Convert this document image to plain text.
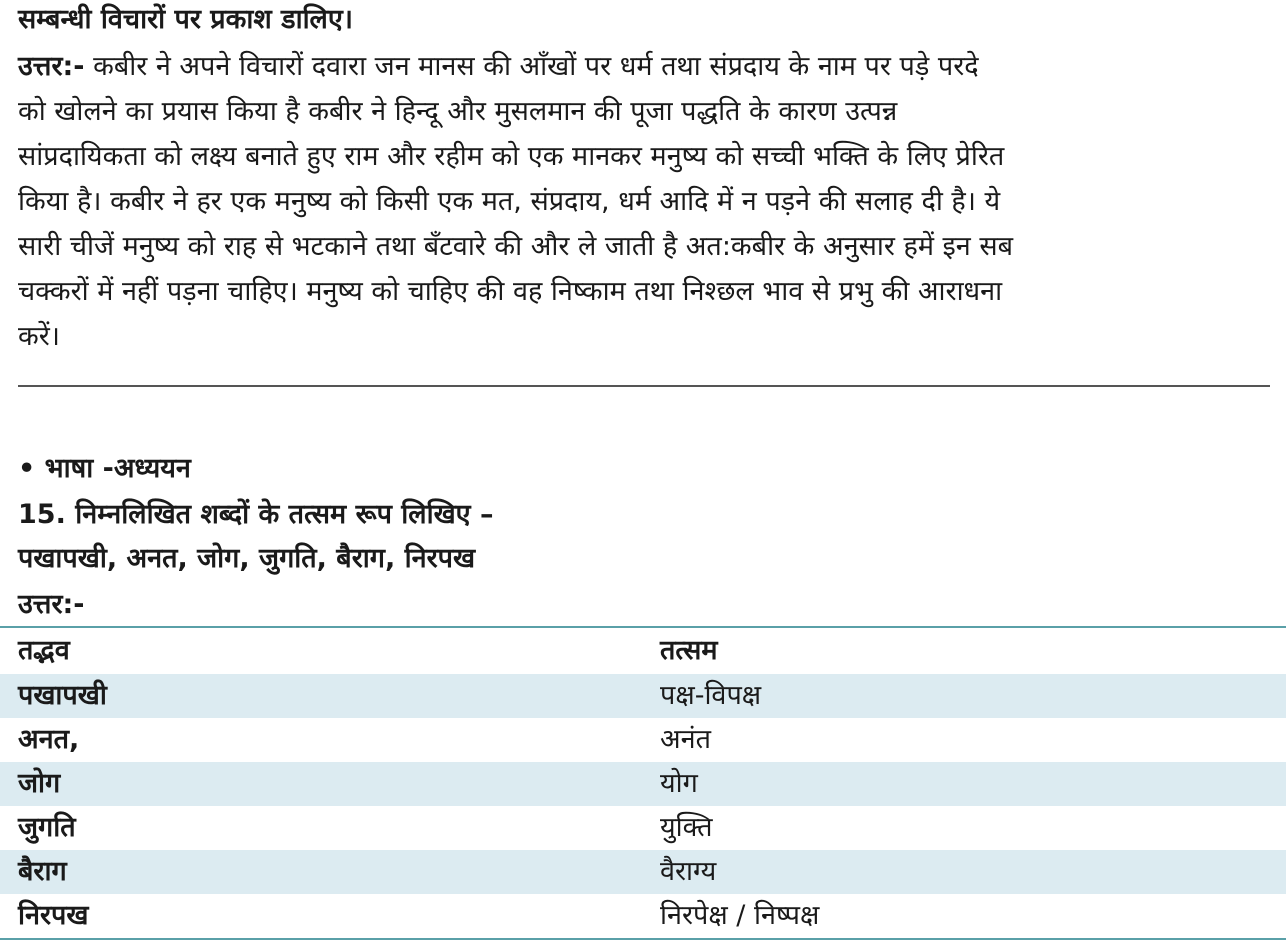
सम्बन्धी विचारों पर प्रकाश डालिए।
उत्तर:- कबीर ने अपने विचारों दवारा जन मानस की आँखों पर धर्म तथा संप्रदाय के नाम पर पड़े परदे
को खोलने का प्रयास किया है कबीर ने हिन्दू और मुसलमान की पूजा पद्धति के कारण उत्पन्न
सांप्रदायिकता को लक्ष्य बनाते हुए राम और रहीम को एक मानकर मनुष्य को सच्ची भक्ति के लिए प्रेरित
किया है। कबीर ने हर एक मनुष्य को किसी एक मत, संप्रदाय, धर्म आदि में न पड़ने की सलाह दी है। ये
सारी चीजें मनुष्य को राह से भटकाने तथा बँटवारे की और ले जाती है अत:कबीर के अनुसार हमें इन सब
चक्करों में नहीं पड़ना चाहिए। मनुष्य को चाहिए की वह निष्काम तथा निश्छल भाव से प्रभु की आराधना
करें।
• भाषा -अध्ययन
15. निम्नलिखित शब्दों के तत्सम रूप लिखिए –
पखापखी, अनत, जोग, जुगति, बैराग, निरपख
उत्तर:-
तद्भव	तत्सम
पखापखी	पक्ष-विपक्ष
अनत,	अनंत
जोग	योग
जुगति	युक्ति
बैराग	वैराग्य
निरपख	निरपेक्ष / निष्पक्ष
